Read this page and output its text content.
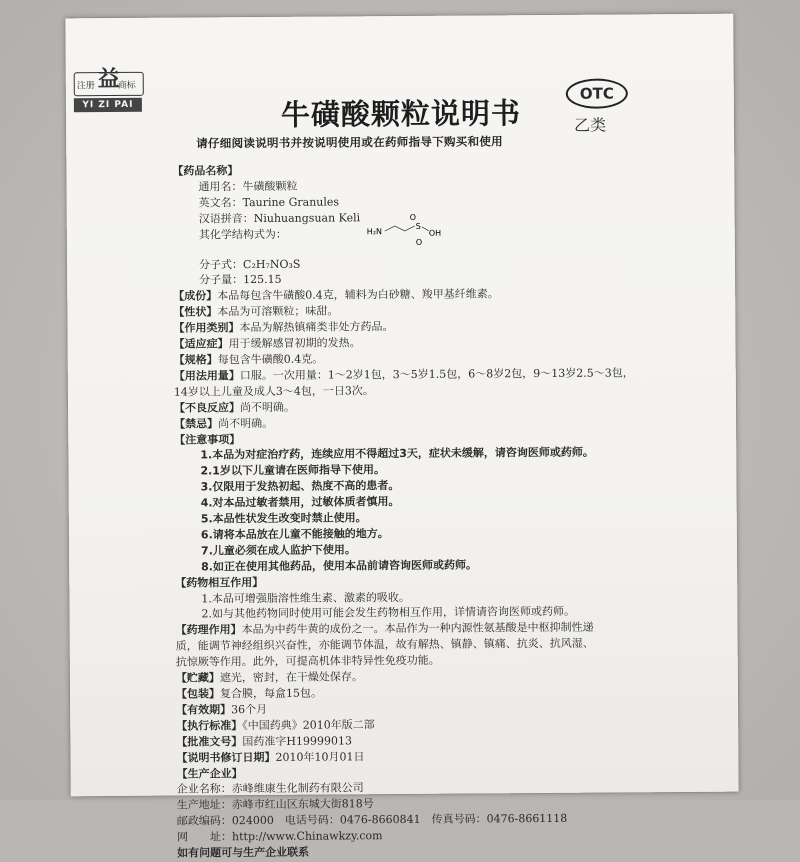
注册 益
商标
YI ZI PAI	牛磺酸颗粒说明书
OTC
乙类
请仔细阅读说明书并按说明使用或在药师指导下购买和使用
H₂N
O
S
OH
O
【药品名称】
通用名：牛磺酸颗粒
英文名：Taurine Granules
汉语拼音：Niuhuangsuan Keli
其化学结构式为：
分子式：C₂H₇NO₃S
分子量：125.15
【成份】本品每包含牛磺酸0.4克，辅料为白砂糖、羧甲基纤维素。
【性状】本品为可溶颗粒；味甜。
【作用类别】本品为解热镇痛类非处方药品。
【适应症】用于缓解感冒初期的发热。
【规格】每包含牛磺酸0.4克。
【用法用量】口服。一次用量：1～2岁1包，3～5岁1.5包，6～8岁2包，9～13岁2.5～3包，
14岁以上儿童及成人3～4包，一日3次。
【不良反应】尚不明确。
【禁忌】尚不明确。
【注意事项】
1.本品为对症治疗药，连续应用不得超过3天，症状未缓解，请咨询医师或药师。
2.1岁以下儿童请在医师指导下使用。
3.仅限用于发热初起、热度不高的患者。
4.对本品过敏者禁用，过敏体质者慎用。
5.本品性状发生改变时禁止使用。
6.请将本品放在儿童不能接触的地方。
7.儿童必须在成人监护下使用。
8.如正在使用其他药品，使用本品前请咨询医师或药师。
【药物相互作用】
1.本品可增强脂溶性维生素、激素的吸收。
2.如与其他药物同时使用可能会发生药物相互作用，详情请咨询医师或药师。
【药理作用】本品为中药牛黄的成份之一。本品作为一种内源性氨基酸是中枢抑制性递
质，能调节神经组织兴奋性，亦能调节体温，故有解热、镇静、镇痛、抗炎、抗风湿、
抗惊厥等作用。此外，可提高机体非特异性免疫功能。
【贮藏】遮光，密封，在干燥处保存。
【包装】复合膜，每盒15包。
【有效期】36个月
【执行标准】《中国药典》2010年版二部
【批准文号】国药准字H19999013
【说明书修订日期】2010年10月01日
【生产企业】
企业名称：赤峰维康生化制药有限公司
生产地址：赤峰市红山区东城大街818号
邮政编码：024000　电话号码：0476-8660841　传真号码：0476-8661118
网　　址：http://www.Chinawkzy.com
如有问题可与生产企业联系
